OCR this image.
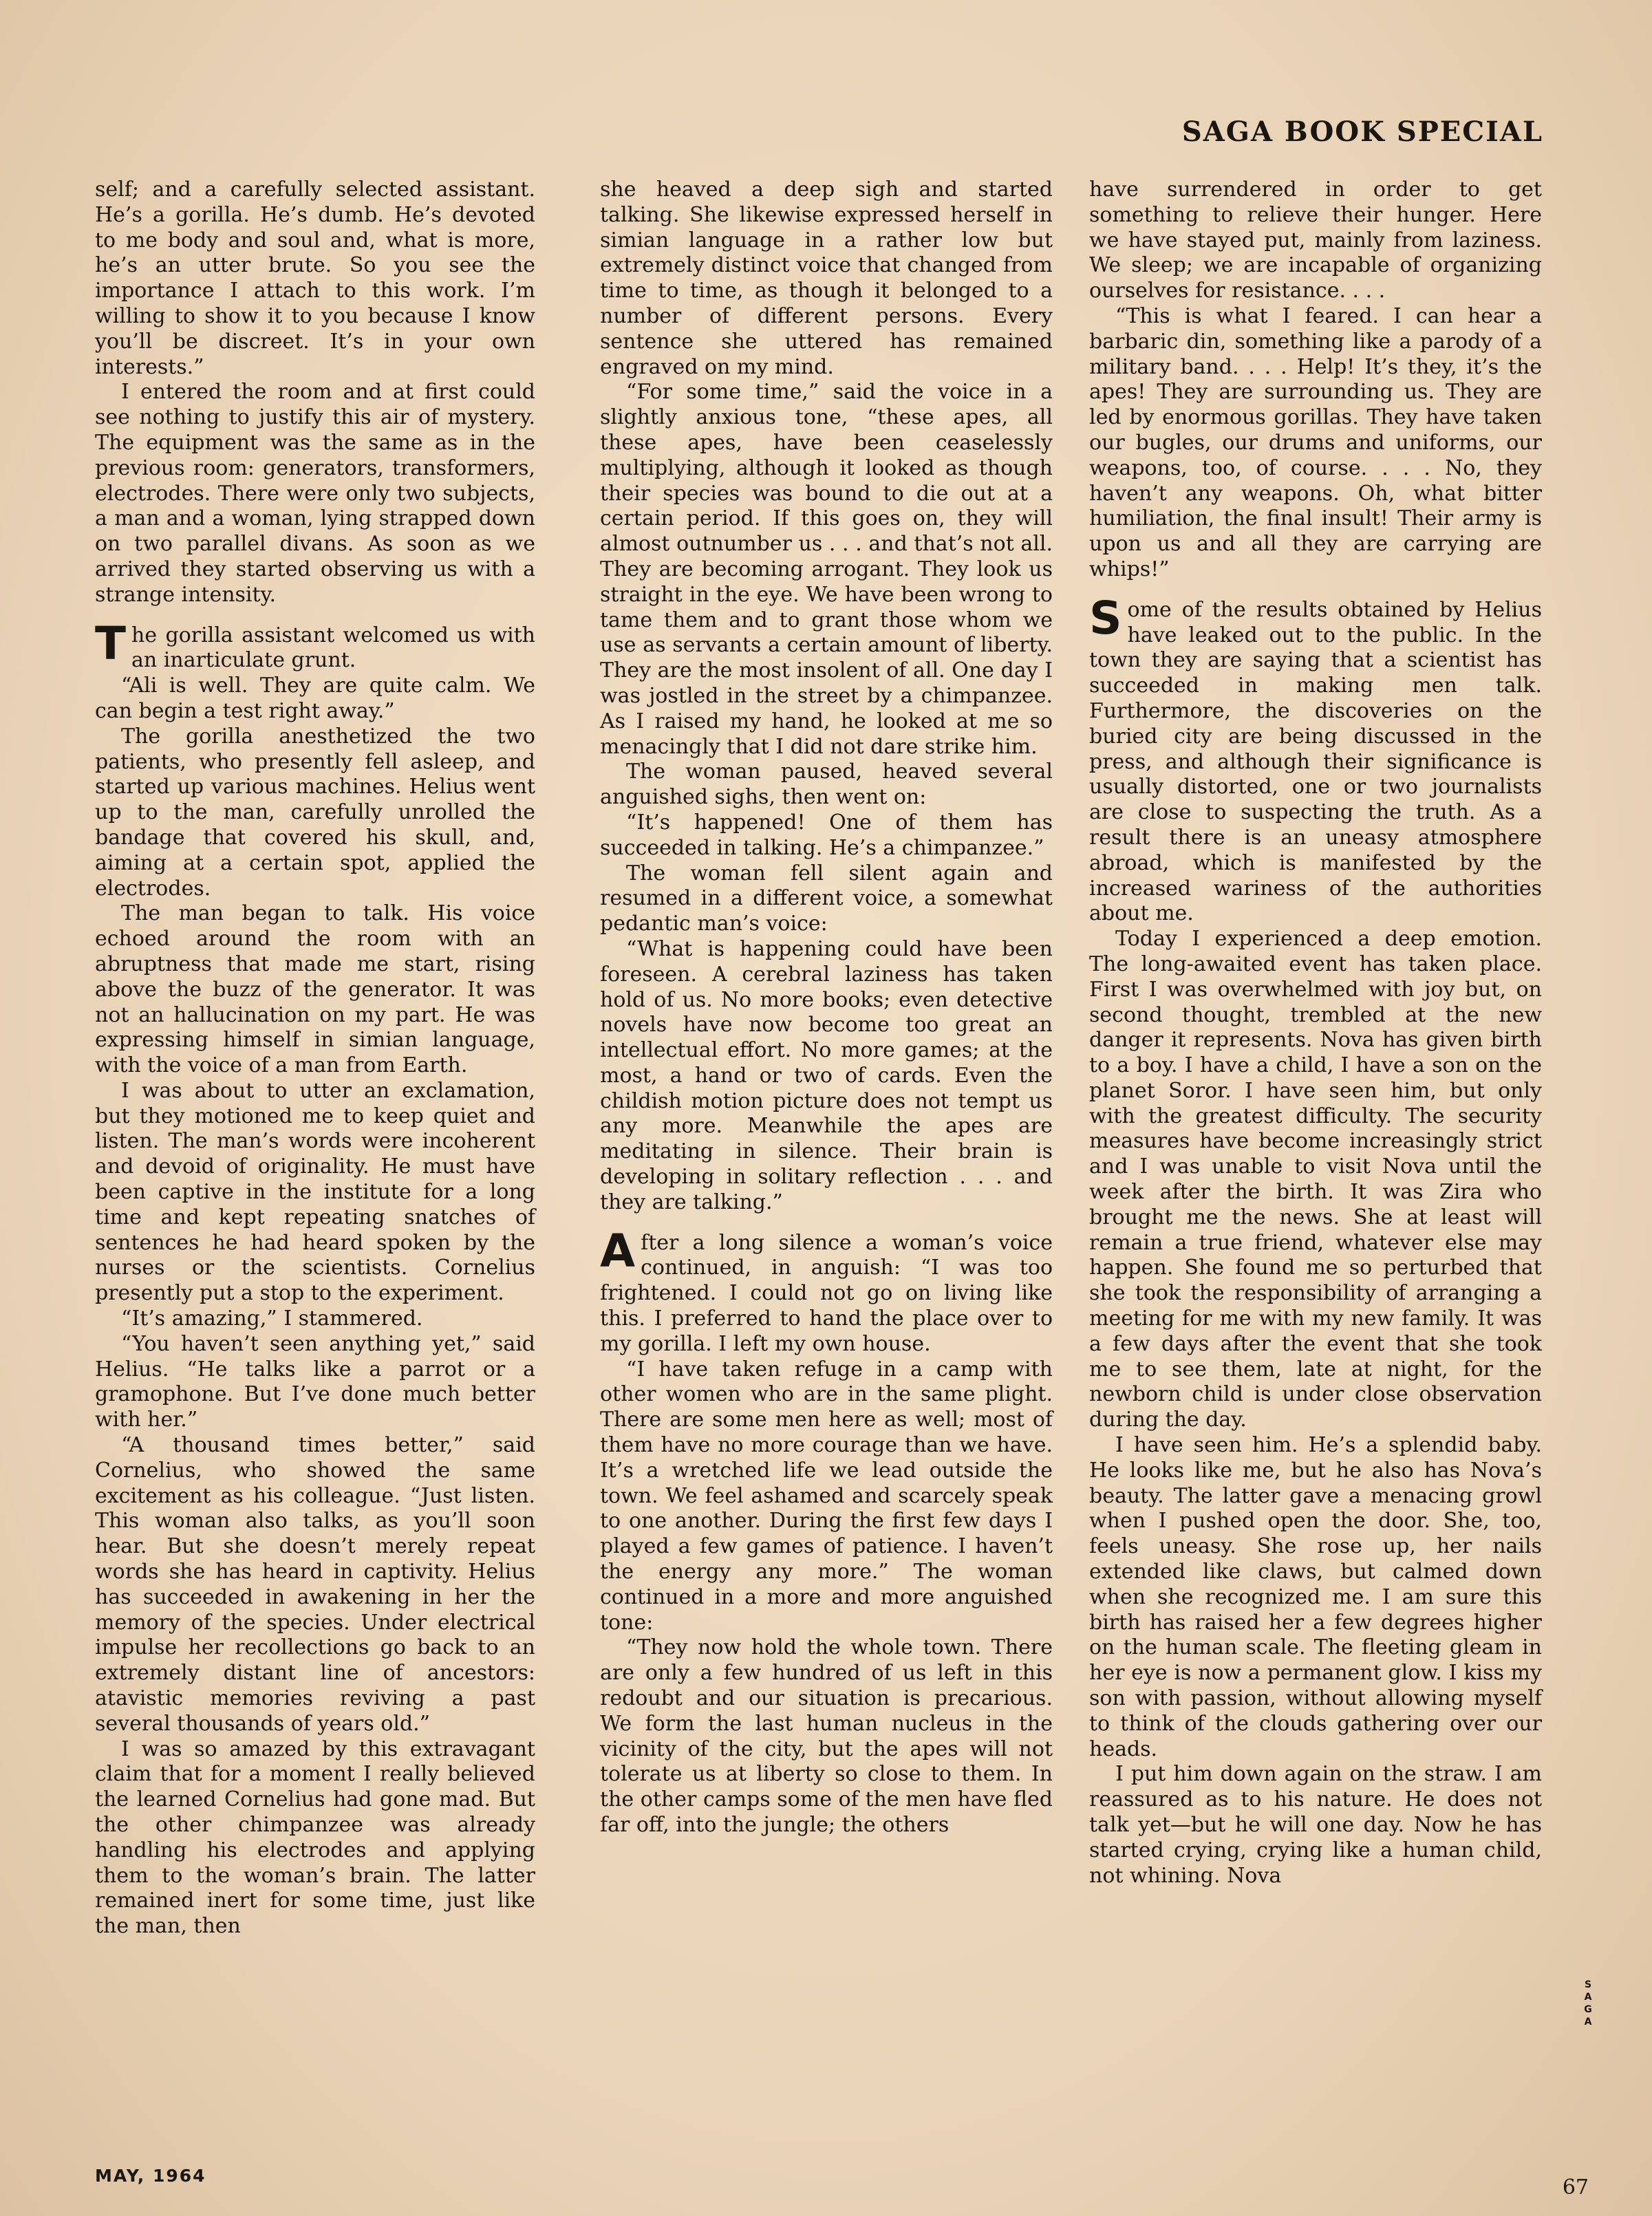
SAGA BOOK SPECIAL

self; and a carefully selected assistant. He’s a gorilla. He’s dumb. He’s devoted to me body and soul and, what is more, he’s an utter brute. So you see the importance I attach to this work. I’m willing to show it to you because I know you’ll be discreet. It’s in your own interests.”

I entered the room and at first could see nothing to justify this air of mystery. The equipment was the same as in the previous room: generators, transformers, electrodes. There were only two subjects, a man and a woman, lying strapped down on two parallel divans. As soon as we arrived they started observing us with a strange intensity.

The gorilla assistant welcomed us with an inarticulate grunt.

“Ali is well. They are quite calm. We can begin a test right away.”

The gorilla anesthetized the two patients, who presently fell asleep, and started up various machines. Helius went up to the man, carefully unrolled the bandage that covered his skull, and, aiming at a certain spot, applied the electrodes.

The man began to talk. His voice echoed around the room with an abruptness that made me start, rising above the buzz of the generator. It was not an hallucination on my part. He was expressing himself in simian language, with the voice of a man from Earth.

I was about to utter an exclamation, but they motioned me to keep quiet and listen. The man’s words were incoherent and devoid of originality. He must have been captive in the institute for a long time and kept repeating snatches of sentences he had heard spoken by the nurses or the scientists. Cornelius presently put a stop to the experiment.

“It’s amazing,” I stammered.

“You haven’t seen anything yet,” said Helius. “He talks like a parrot or a gramophone. But I’ve done much better with her.”

“A thousand times better,” said Cornelius, who showed the same excitement as his colleague. “Just listen. This woman also talks, as you’ll soon hear. But she doesn’t merely repeat words she has heard in captivity. Helius has succeeded in awakening in her the memory of the species. Under electrical impulse her recollections go back to an extremely distant line of ancestors: atavistic memories reviving a past several thousands of years old.”

I was so amazed by this extravagant claim that for a moment I really believed the learned Cornelius had gone mad. But the other chimpanzee was already handling his electrodes and applying them to the woman’s brain. The latter remained inert for some time, just like the man, then

she heaved a deep sigh and started talking. She likewise expressed herself in simian language in a rather low but extremely distinct voice that changed from time to time, as though it belonged to a number of different persons. Every sentence she uttered has remained engraved on my mind.

“For some time,” said the voice in a slightly anxious tone, “these apes, all these apes, have been ceaselessly multiplying, although it looked as though their species was bound to die out at a certain period. If this goes on, they will almost outnumber us . . . and that’s not all. They are becoming arrogant. They look us straight in the eye. We have been wrong to tame them and to grant those whom we use as servants a certain amount of liberty. They are the most insolent of all. One day I was jostled in the street by a chimpanzee. As I raised my hand, he looked at me so menacingly that I did not dare strike him.

The woman paused, heaved several anguished sighs, then went on:

“It’s happened! One of them has succeeded in talking. He’s a chimpanzee.”

The woman fell silent again and resumed in a different voice, a somewhat pedantic man’s voice:

“What is happening could have been foreseen. A cerebral laziness has taken hold of us. No more books; even detective novels have now become too great an intellectual effort. No more games; at the most, a hand or two of cards. Even the childish motion picture does not tempt us any more. Meanwhile the apes are meditating in silence. Their brain is developing in solitary reflection . . . and they are talking.”

After a long silence a woman’s voice continued, in anguish: “I was too frightened. I could not go on living like this. I preferred to hand the place over to my gorilla. I left my own house.

“I have taken refuge in a camp with other women who are in the same plight. There are some men here as well; most of them have no more courage than we have. It’s a wretched life we lead outside the town. We feel ashamed and scarcely speak to one another. During the first few days I played a few games of patience. I haven’t the energy any more.” The woman continued in a more and more anguished tone:

“They now hold the whole town. There are only a few hundred of us left in this redoubt and our situation is precarious. We form the last human nucleus in the vicinity of the city, but the apes will not tolerate us at liberty so close to them. In the other camps some of the men have fled far off, into the jungle; the others

have surrendered in order to get something to relieve their hunger. Here we have stayed put, mainly from laziness. We sleep; we are incapable of organizing ourselves for resistance. . . .

“This is what I feared. I can hear a barbaric din, something like a parody of a military band. . . . Help! It’s they, it’s the apes! They are surrounding us. They are led by enormous gorillas. They have taken our bugles, our drums and uniforms, our weapons, too, of course. . . . No, they haven’t any weapons. Oh, what bitter humiliation, the final insult! Their army is upon us and all they are carrying are whips!”

Some of the results obtained by Helius have leaked out to the public. In the town they are saying that a scientist has succeeded in making men talk. Furthermore, the discoveries on the buried city are being discussed in the press, and although their significance is usually distorted, one or two journalists are close to suspecting the truth. As a result there is an uneasy atmosphere abroad, which is manifested by the increased wariness of the authorities about me.

Today I experienced a deep emotion. The long-awaited event has taken place. First I was overwhelmed with joy but, on second thought, trembled at the new danger it represents. Nova has given birth to a boy. I have a child, I have a son on the planet Soror. I have seen him, but only with the greatest difficulty. The security measures have become increasingly strict and I was unable to visit Nova until the week after the birth. It was Zira who brought me the news. She at least will remain a true friend, whatever else may happen. She found me so perturbed that she took the responsibility of arranging a meeting for me with my new family. It was a few days after the event that she took me to see them, late at night, for the newborn child is under close observation during the day.

I have seen him. He’s a splendid baby. He looks like me, but he also has Nova’s beauty. The latter gave a menacing growl when I pushed open the door. She, too, feels uneasy. She rose up, her nails extended like claws, but calmed down when she recognized me. I am sure this birth has raised her a few degrees higher on the human scale. The fleeting gleam in her eye is now a permanent glow. I kiss my son with passion, without allowing myself to think of the clouds gathering over our heads.

I put him down again on the straw. I am reassured as to his nature. He does not talk yet—but he will one day. Now he has started crying, crying like a human child, not whining. Nova

S
A
G
A
MAY, 1964	67
